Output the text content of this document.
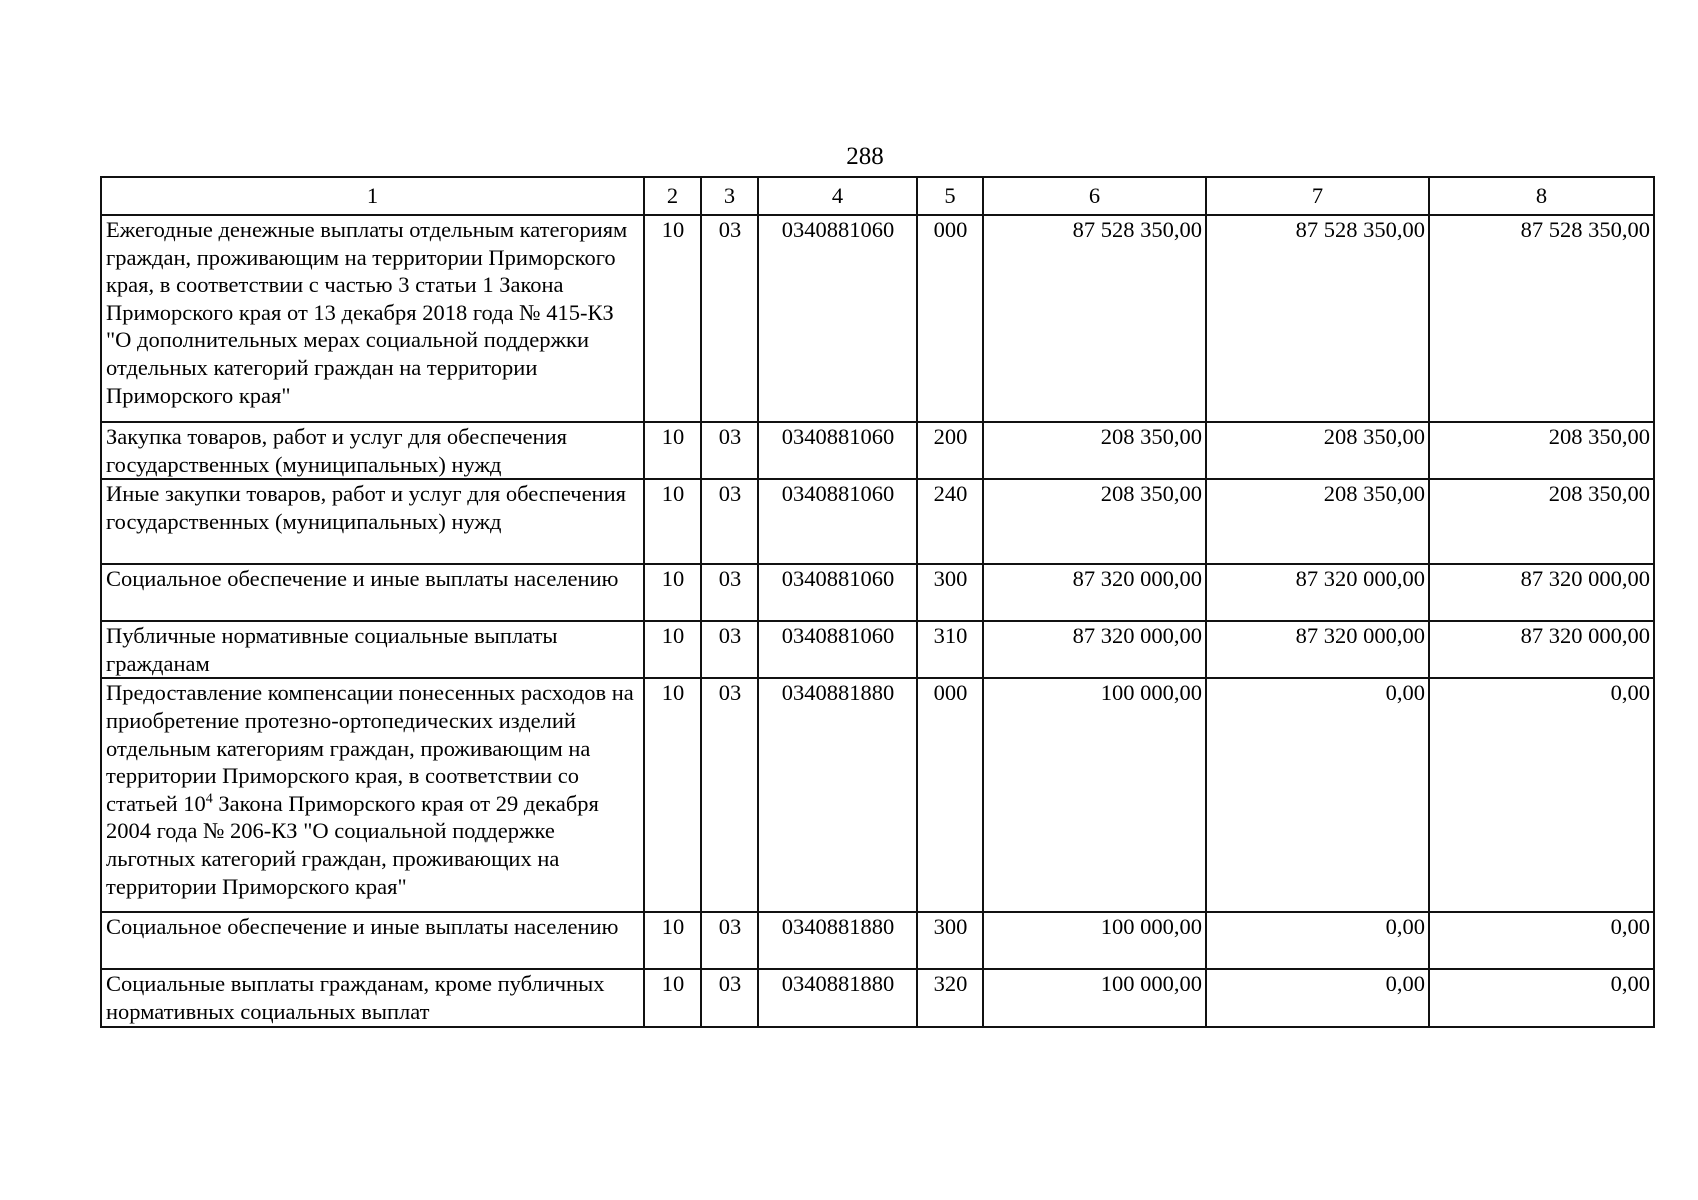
288
1	2	3	4	5	6	7	8
Ежегодные денежные выплаты отдельным категориям граждан, проживающим на территории Приморского края, в соответствии с частью 3 статьи 1 Закона Приморского края от 13 декабря 2018 года № 415-КЗ "О дополнительных мерах социальной поддержки отдельных категорий граждан на территории Приморского края"	10	03	0340881060	000	87 528 350,00	87 528 350,00	87 528 350,00
Закупка товаров, работ и услуг для обеспечения государственных (муниципальных) нужд	10	03	0340881060	200	208 350,00	208 350,00	208 350,00
Иные закупки товаров, работ и услуг для обеспечения государственных (муниципальных) нужд	10	03	0340881060	240	208 350,00	208 350,00	208 350,00
Социальное обеспечение и иные выплаты населению	10	03	0340881060	300	87 320 000,00	87 320 000,00	87 320 000,00
Публичные нормативные социальные выплаты гражданам	10	03	0340881060	310	87 320 000,00	87 320 000,00	87 320 000,00
Предоставление компенсации понесенных расходов на приобретение протезно-ортопедических изделий отдельным категориям граждан, проживающим на территории Приморского края, в соответствии со статьей $10^4$ Закона Приморского края от 29 декабря 2004 года № 206-КЗ "О социальной поддержке льготных категорий граждан, проживающих на территории Приморского края"	10	03	0340881880	000	100 000,00	0,00	0,00
Социальное обеспечение и иные выплаты населению	10	03	0340881880	300	100 000,00	0,00	0,00
Социальные выплаты гражданам, кроме публичных нормативных социальных выплат	10	03	0340881880	320	100 000,00	0,00	0,00
